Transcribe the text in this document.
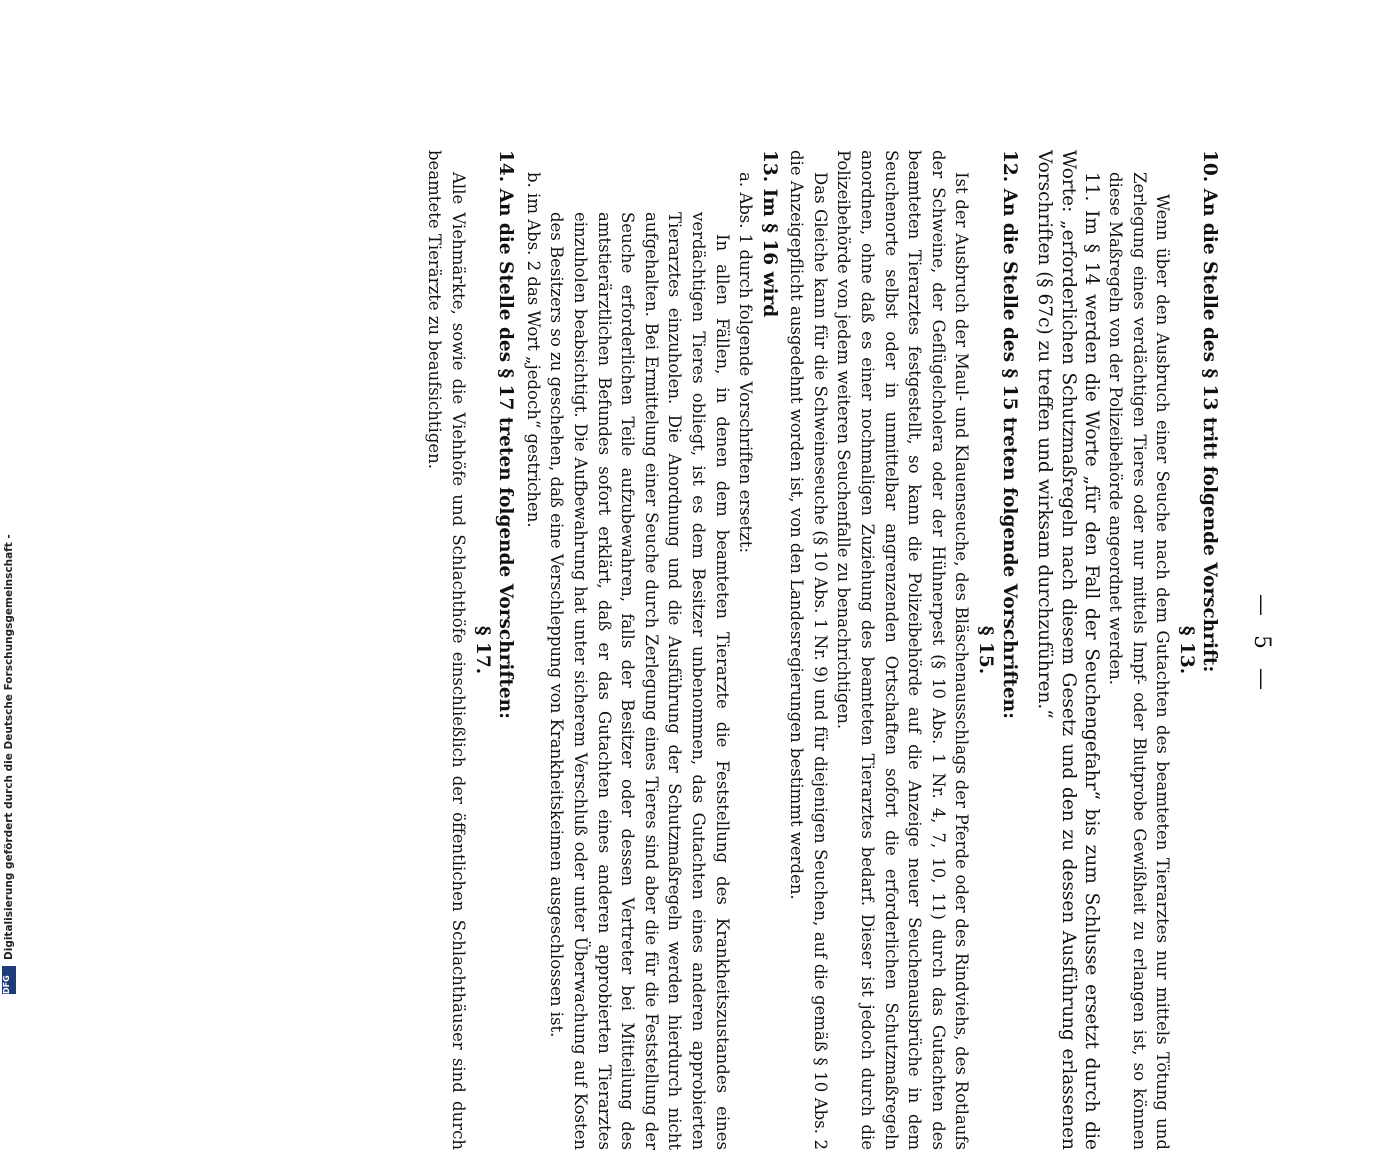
— 5 —

10. An die Stelle des § 13 tritt folgende Vorschrift:

§ 13.

Wenn über den Ausbruch einer Seuche nach dem Gutachten des beamteten Tierarztes nur mittels Tötung und Zerlegung eines verdächtigen Tieres oder nur mittels Impf- oder Blutprobe Gewißheit zu erlangen ist, so können diese Maßregeln von der Polizeibehörde angeordnet werden.

11. Im § 14 werden die Worte „für den Fall der Seuchengefahr“ bis zum Schlusse ersetzt durch die Worte: „erforderlichen Schutzmaßregeln nach diesem Gesetz und den zu dessen Ausführung erlassenen Vorschriften (§ 67c) zu treffen und wirksam durchzuführen.“

12. An die Stelle des § 15 treten folgende Vorschriften:

§ 15.

Ist der Ausbruch der Maul- und Klauenseuche, des Bläschenausschlags der Pferde oder des Rindviehs, des Rotlaufs der Schweine, der Geflügelcholera oder der Hühnerpest (§ 10 Abs. 1 Nr. 4, 7, 10, 11) durch das Gutachten des beamteten Tierarztes festgestellt, so kann die Polizeibehörde auf die Anzeige neuer Seuchenausbrüche in dem Seuchenorte selbst oder in unmittelbar angrenzenden Ortschaften sofort die erforderlichen Schutzmaßregeln anordnen, ohne daß es einer nochmaligen Zuziehung des beamteten Tierarztes bedarf. Dieser ist jedoch durch die Polizeibehörde von jedem weiteren Seuchenfalle zu benachrichtigen.

Das Gleiche kann für die Schweineseuche (§ 10 Abs. 1 Nr. 9) und für diejenigen Seuchen, auf die gemäß § 10 Abs. 2 die Anzeigepflicht ausgedehnt worden ist, von den Landesregierungen bestimmt werden.

13. Im § 16 wird

a. Abs. 1 durch folgende Vorschriften ersetzt:

In allen Fällen, in denen dem beamteten Tierarzte die Feststellung des Krankheitszustandes eines verdächtigen Tieres obliegt, ist es dem Besitzer unbenommen, das Gutachten eines anderen approbierten Tierarztes einzuholen. Die Anordnung und die Ausführung der Schutzmaßregeln werden hierdurch nicht aufgehalten. Bei Ermittelung einer Seuche durch Zerlegung eines Tieres sind aber die für die Feststellung der Seuche erforderlichen Teile aufzubewahren, falls der Besitzer oder dessen Vertreter bei Mitteilung des amtstierärztlichen Befundes sofort erklärt, daß er das Gutachten eines anderen approbierten Tierarztes einzuholen beabsichtigt. Die Aufbewahrung hat unter sicherem Verschluß oder unter Überwachung auf Kosten des Besitzers so zu geschehen, daß eine Verschleppung von Krankheitskeimen ausgeschlossen ist.

b. im Abs. 2 das Wort „jedoch“ gestrichen.

14. An die Stelle des § 17 treten folgende Vorschriften:

§ 17.

Alle Viehmärkte, sowie die Viehhöfe und Schlachthöfe einschließlich der öffentlichen Schlachthäuser sind durch beamtete Tierärzte zu beaufsichtigen.

Digitalisierung gefördert durch die Deutsche Forschungsgemeinschaft -
DFG
